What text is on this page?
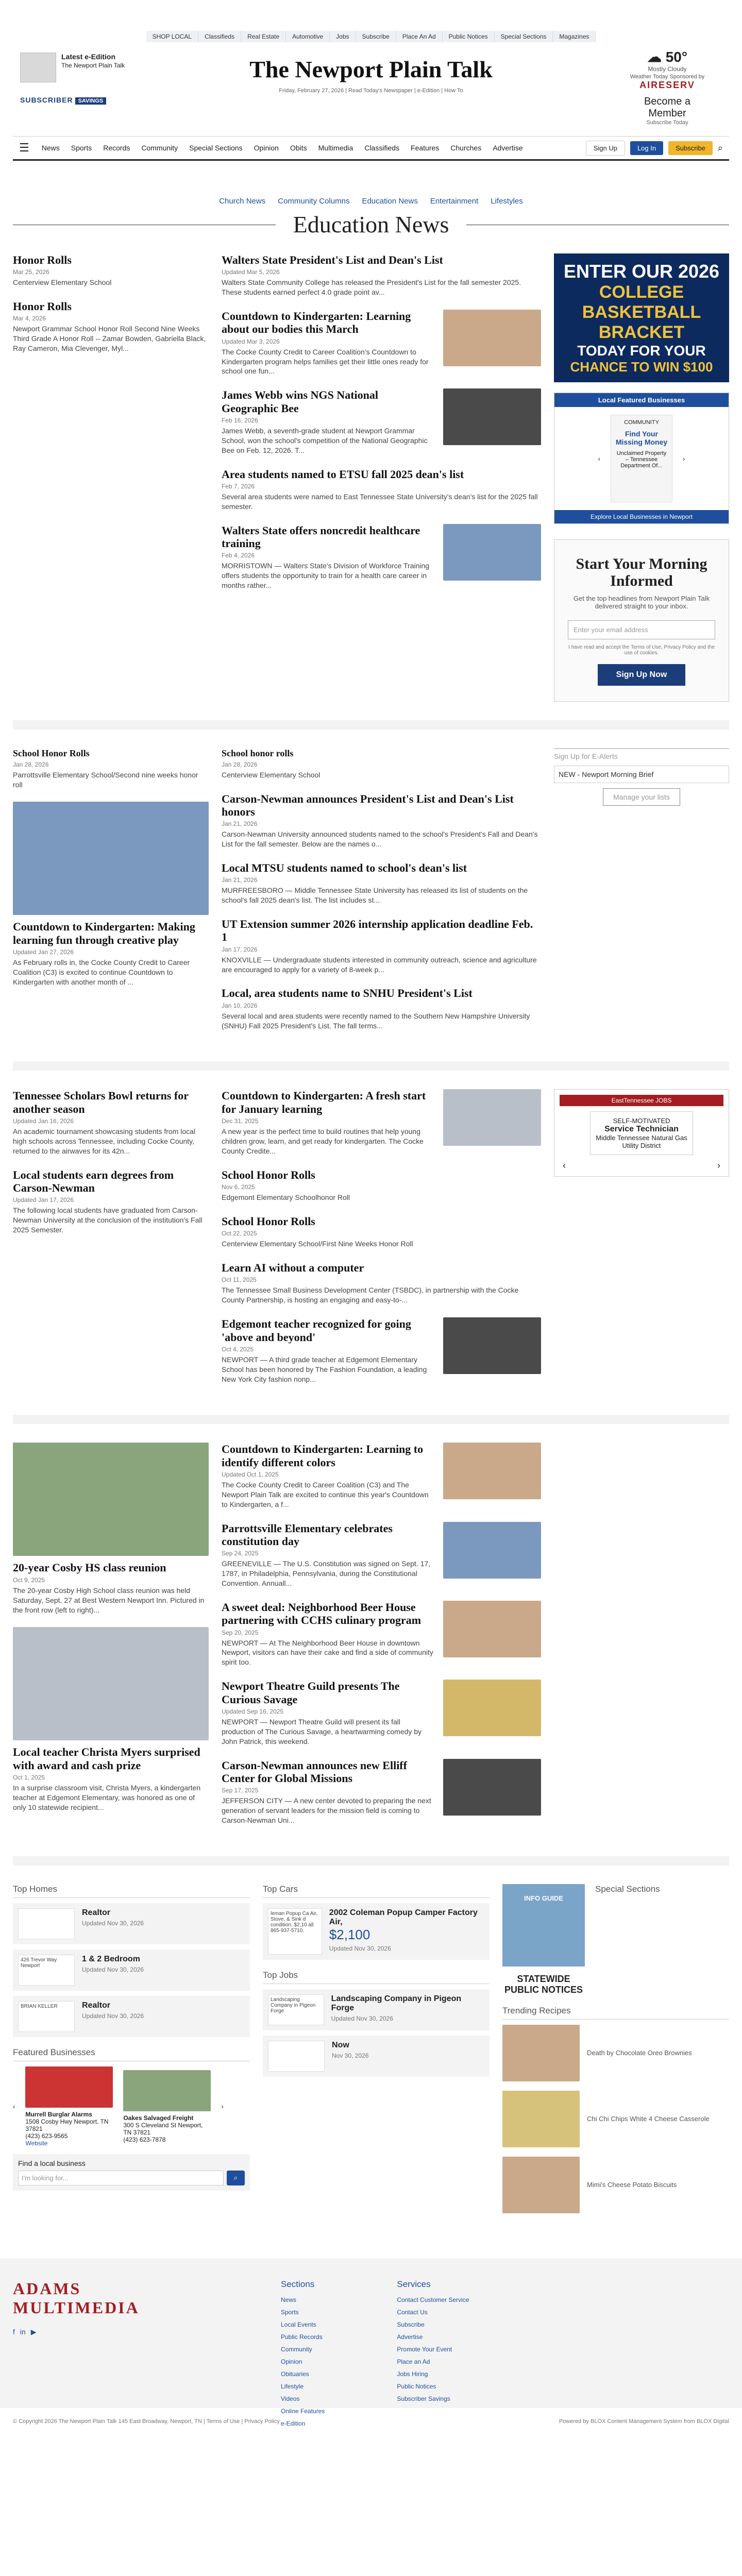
SHOP LOCAL	Classifieds	Real Estate	Automotive	Jobs	Subscribe	Place An Ad	Public Notices	Special Sections	Magazines
Latest e-Edition
The Newport Plain Talk
SUBSCRIBER SAVINGS
The Newport Plain Talk
Friday, February 27, 2026 | Read Today's Newspaper | e-Edition | How To
☁ 50°
Mostly Cloudy
Weather Today Sponsored by
AIRESERV
Become a Member
Subscribe Today
☰ News Sports Records Community Special Sections Opinion Obits Multimedia Classifieds Features Churches Advertise	Sign Up	Log In	Subscribe	⌕
Church News Community Columns Education News Entertainment Lifestyles
Education News
Honor Rolls
Mar 25, 2026

Centerview Elementary School

Honor Rolls
Mar 4, 2026

Newport Grammar School Honor Roll Second Nine Weeks Third Grade A Honor Roll -- Zamar Bowden, Gabriella Black, Ray Cameron, Mia Clevenger, Myl...

Walters State President's List and Dean's List
Updated Mar 5, 2026

Walters State Community College has released the President's List for the fall semester 2025. These students earned perfect 4.0 grade point av...

Countdown to Kindergarten: Learning about our bodies this March
Updated Mar 3, 2026

The Cocke County Credit to Career Coalition's Countdown to Kindergarten program helps families get their little ones ready for school one fun...

James Webb wins NGS National Geographic Bee
Feb 16, 2026

James Webb, a seventh-grade student at Newport Grammar School, won the school's competition of the National Geographic Bee on Feb. 12, 2026. T...

Area students named to ETSU fall 2025 dean's list
Feb 7, 2026

Several area students were named to East Tennessee State University's dean's list for the 2025 fall semester.

Walters State offers noncredit healthcare training
Feb 4, 2026

MORRISTOWN — Walters State's Division of Workforce Training offers students the opportunity to train for a health care career in months rather...

ENTER OUR 2026
COLLEGE BASKETBALL BRACKET
TODAY FOR YOUR
CHANCE TO WIN $100
Local Featured Businesses
‹
COMMUNITY
Find Your Missing Money
Unclaimed Property – Tennessee Department Of...
›
Explore Local Businesses in Newport
Start Your Morning Informed

Get the top headlines from Newport Plain Talk delivered straight to your inbox.

Enter your email address
I have read and accept the Terms of Use, Privacy Policy and the use of cookies.
Sign Up Now
School Honor Rolls
Jan 28, 2026

Parrottsville Elementary School/Second nine weeks honor roll

Countdown to Kindergarten: Making learning fun through creative play
Updated Jan 27, 2026

As February rolls in, the Cocke County Credit to Career Coalition (C3) is excited to continue Countdown to Kindergarten with another month of ...

School honor rolls
Jan 28, 2026

Centerview Elementary School

Carson-Newman announces President's List and Dean's List honors
Jan 21, 2026

Carson-Newman University announced students named to the school's President's Fall and Dean's List for the fall semester. Below are the names o...

Local MTSU students named to school's dean's list
Jan 21, 2026

MURFREESBORO — Middle Tennessee State University has released its list of students on the school's fall 2025 dean's list. The list includes st...

UT Extension summer 2026 internship application deadline Feb. 1
Jan 17, 2026

KNOXVILLE — Undergraduate students interested in community outreach, science and agriculture are encouraged to apply for a variety of 8-week p...

Local, area students name to SNHU President's List
Jan 10, 2026

Several local and area students were recently named to the Southern New Hampshire University (SNHU) Fall 2025 President's List. The fall terms...

Sign Up for E-Alerts
NEW - Newport Morning Brief
Manage your lists
Tennessee Scholars Bowl returns for another season
Updated Jan 16, 2026

An academic tournament showcasing students from local high schools across Tennessee, including Cocke County, returned to the airwaves for its 42n...

Local students earn degrees from Carson-Newman
Updated Jan 17, 2026

The following local students have graduated from Carson-Newman University at the conclusion of the institution's Fall 2025 Semester.

Countdown to Kindergarten: A fresh start for January learning
Dec 31, 2025

A new year is the perfect time to build routines that help young children grow, learn, and get ready for kindergarten. The Cocke County Credite...

School Honor Rolls
Nov 6, 2025

Edgemont Elementary Schoolhonor Roll

School Honor Rolls
Oct 22, 2025

Centerview Elementary School/First Nine Weeks Honor Roll

Learn AI without a computer
Oct 11, 2025

The Tennessee Small Business Development Center (TSBDC), in partnership with the Cocke County Partnership, is hosting an engaging and easy-to-...

Edgemont teacher recognized for going 'above and beyond'
Oct 4, 2025

NEWPORT — A third grade teacher at Edgemont Elementary School has been honored by The Fashion Foundation, a leading New York City fashion nonp...

EastTennessee JOBS
SELF-MOTIVATED
Service Technician
Middle Tennessee Natural Gas Utility District
‹	›
20-year Cosby HS class reunion
Oct 9, 2025

The 20-year Cosby High School class reunion was held Saturday, Sept. 27 at Best Western Newport Inn. Pictured in the front row (left to right)...

Local teacher Christa Myers surprised with award and cash prize
Oct 1, 2025

In a surprise classroom visit, Christa Myers, a kindergarten teacher at Edgemont Elementary, was honored as one of only 10 statewide recipient...

Countdown to Kindergarten: Learning to identify different colors
Updated Oct 1, 2025

The Cocke County Credit to Career Coalition (C3) and The Newport Plain Talk are excited to continue this year's Countdown to Kindergarten, a f...

Parrottsville Elementary celebrates constitution day
Sep 24, 2025

GREENEVILLE — The U.S. Constitution was signed on Sept. 17, 1787, in Philadelphia, Pennsylvania, during the Constitutional Convention. Annuall...

A sweet deal: Neighborhood Beer House partnering with CCHS culinary program
Sep 20, 2025

NEWPORT — At The Neighborhood Beer House in downtown Newport, visitors can have their cake and find a side of community spirit too.

Newport Theatre Guild presents The Curious Savage
Updated Sep 16, 2025

NEWPORT — Newport Theatre Guild will present its fall production of The Curious Savage, a heartwarming comedy by John Patrick, this weekend.

Carson-Newman announces new Elliff Center for Global Missions
Sep 17, 2025

JEFFERSON CITY — A new center devoted to preparing the next generation of servant leaders for the mission field is coming to Carson-Newman Uni...

Top Homes
Realtor
Updated Nov 30, 2026
426 Trevor Way Newport
1 & 2 Bedroom
Updated Nov 30, 2026
BRIAN KELLER	Realtor
Updated Nov 30, 2026
Featured Businesses
‹
Murrell Burglar Alarms
1508 Cosby Hwy Newport, TN 37821
(423) 623-9565
Website
Oakes Salvaged Freight
300 S Cleveland St Newport, TN 37821
(423) 623-7878
›
Find a local business
I'm looking for...	⌕
Top Cars
leman Popup Ca Air, Stove, & Sink d condition. $2,10 all 865-937-5710.
2002 Coleman Popup Camper Factory Air,
$2,100
Updated Nov 30, 2026
Top Jobs
Landscaping Company in Pigeon Forge
Landscaping Company in Pigeon Forge
Updated Nov 30, 2026
Now
Nov 30, 2026
INFO GUIDE
Special Sections
STATEWIDE PUBLIC NOTICES
Trending Recipes
Death by Chocolate Oreo Brownies
Chi Chi Chips White 4 Cheese Casserole
Mimi's Cheese Potato Biscuits
ADAMS MULTIMEDIA
f in ▶
Sections
News
Sports
Local Events
Public Records
Community
Opinion
Obituaries
Lifestyle
Videos
Online Features
e-Edition
Services
Contact Customer Service
Contact Us
Subscribe
Advertise
Promote Your Event
Place an Ad
Jobs Hiring
Public Notices
Subscriber Savings
© Copyright 2026 The Newport Plain Talk 145 East Broadway, Newport, TN | Terms of Use | Privacy Policy	Powered by BLOX Content Management System from BLOX Digital
